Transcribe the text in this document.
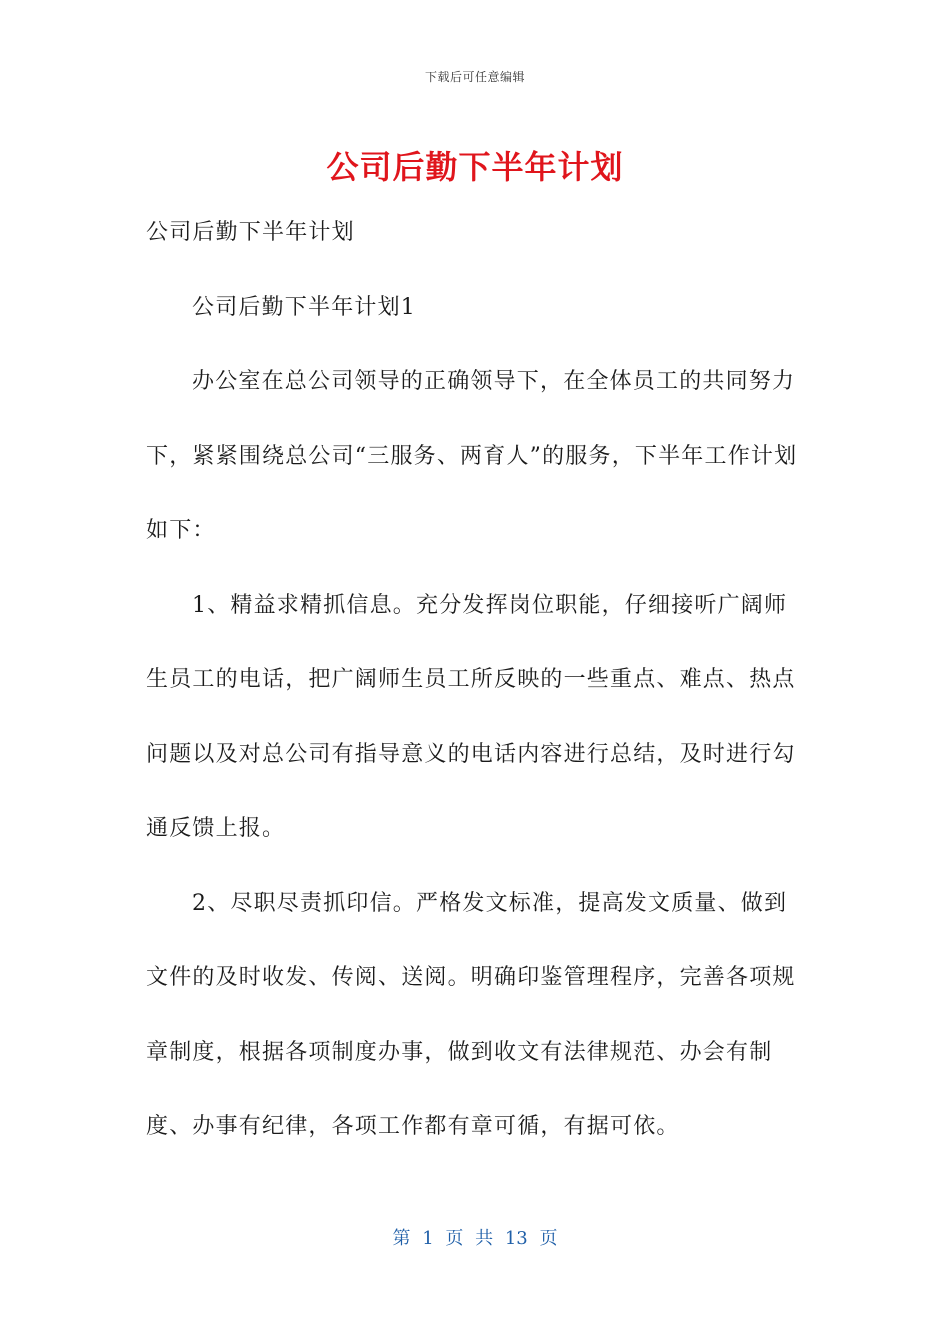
下载后可任意编辑
公司后勤下半年计划

公司后勤下半年计划

公司后勤下半年计划1

办公室在总公司领导的正确领导下，在全体员工的共同努力下，紧紧围绕总公司“三服务、两育人”的服务，下半年工作计划如下：

1、精益求精抓信息。充分发挥岗位职能，仔细接听广阔师生员工的电话，把广阔师生员工所反映的一些重点、难点、热点问题以及对总公司有指导意义的电话内容进行总结，及时进行勾通反馈上报。

2、尽职尽责抓印信。严格发文标准，提高发文质量、做到文件的及时收发、传阅、送阅。明确印鉴管理程序，完善各项规章制度，根据各项制度办事，做到收文有法律规范、办会有制度、办事有纪律，各项工作都有章可循，有据可依。

第 1 页 共 13 页
